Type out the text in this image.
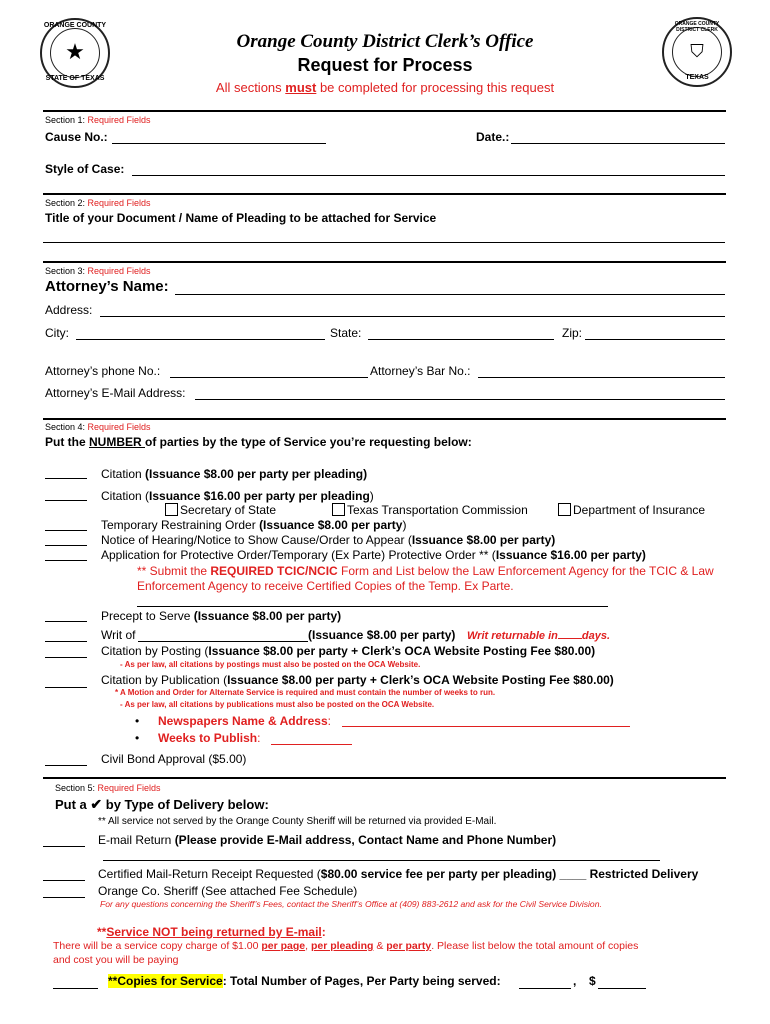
★
ORANGE COUNTY
STATE OF TEXAS
⛉
ORANGE COUNTY DISTRICT CLERK
TEXAS
Orange County District Clerk’s Office
Request for Process
All sections must be completed for processing this request
Section 1: Required Fields
Cause No.:	Date.:
Style of Case:
Section 2: Required Fields
Title of your Document / Name of Pleading to be attached for Service
Section 3: Required Fields
Attorney’s Name:
Address:
City:	State:	Zip:
Attorney’s phone No.:	Attorney’s Bar No.:
Attorney’s E-Mail Address:
Section 4: Required Fields
Put the NUMBER of parties by the type of Service you’re requesting below:
Citation (Issuance $8.00 per party per pleading)
Citation (Issuance $16.00 per party per pleading)
Secretary of State	Texas Transportation Commission	Department of Insurance
Temporary Restraining Order (Issuance $8.00 per party)
Notice of Hearing/Notice to Show Cause/Order to Appear (Issuance $8.00 per party)
Application for Protective Order/Temporary (Ex Parte) Protective Order ** (Issuance $16.00 per party)
** Submit the REQUIRED TCIC/NCIC Form and List below the Law Enforcement Agency for the TCIC & Law
Enforcement Agency to receive Certified Copies of the Temp. Ex Parte.
Precept to Serve (Issuance $8.00 per party)
Writ of	(Issuance $8.00 per party) Writ returnable in days.
Citation by Posting (Issuance $8.00 per party + Clerk’s OCA Website Posting Fee $80.00)
- As per law, all citations by postings must also be posted on the OCA Website.
Citation by Publication (Issuance $8.00 per party + Clerk’s OCA Website Posting Fee $80.00)
* A Motion and Order for Alternate Service is required and must contain the number of weeks to run.
- As per law, all citations by publications must also be posted on the OCA Website.
• Newspapers Name & Address:
• Weeks to Publish:
Civil Bond Approval ($5.00)
Section 5: Required Fields
Put a ✔ by Type of Delivery below:
** All service not served by the Orange County Sheriff will be returned via provided E-Mail.
E-mail Return (Please provide E-Mail address, Contact Name and Phone Number)
Certified Mail-Return Receipt Requested ($80.00 service fee per party per pleading) ____ Restricted Delivery
Orange Co. Sheriff (See attached Fee Schedule)
For any questions concerning the Sheriff’s Fees, contact the Sheriff’s Office at (409) 883-2612 and ask for the Civil Service Division.
**Service NOT being returned by E-mail:
There will be a service copy charge of $1.00 per page, per pleading & per party. Please list below the total amount of copies
and cost you will be paying
**Copies for Service: Total Number of Pages, Per Party being served:	, $
